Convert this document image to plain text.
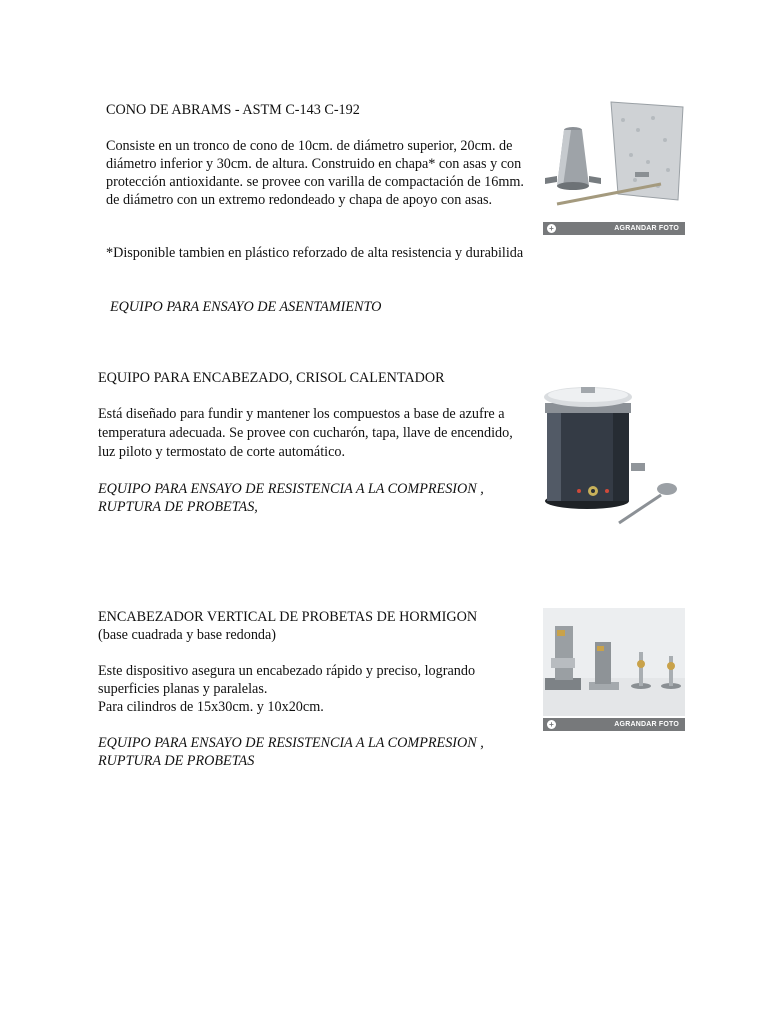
CONO DE ABRAMS - ASTM C-143 C-192

Consiste en un tronco de cono de 10cm. de diámetro superior, 20cm. de diámetro inferior y 30cm. de altura. Construido en chapa* con asas y con protección antioxidante. se provee con varilla de compactación de 16mm. de diámetro con un extremo redondeado y chapa de apoyo con asas.

*Disponible tambien en plástico reforzado de alta resistencia y durabilida

EQUIPO PARA ENSAYO DE ASENTAMIENTO
+	AGRANDAR FOTO
EQUIPO PARA ENCABEZADO, CRISOL CALENTADOR

Está diseñado para fundir y mantener los compuestos a base de azufre a temperatura adecuada. Se provee con cucharón, tapa, llave de encendido, luz piloto y termostato de corte automático.

EQUIPO PARA ENSAYO DE RESISTENCIA A LA COMPRESION , RUPTURA DE PROBETAS,

ENCABEZADOR VERTICAL DE PROBETAS DE HORMIGON
(base cuadrada y base redonda)

Este dispositivo asegura un encabezado rápido y preciso, logrando superficies planas y paralelas.

Para cilindros de 15x30cm. y 10x20cm.

EQUIPO PARA ENSAYO DE RESISTENCIA A LA COMPRESION , RUPTURA DE PROBETAS

+	AGRANDAR FOTO
